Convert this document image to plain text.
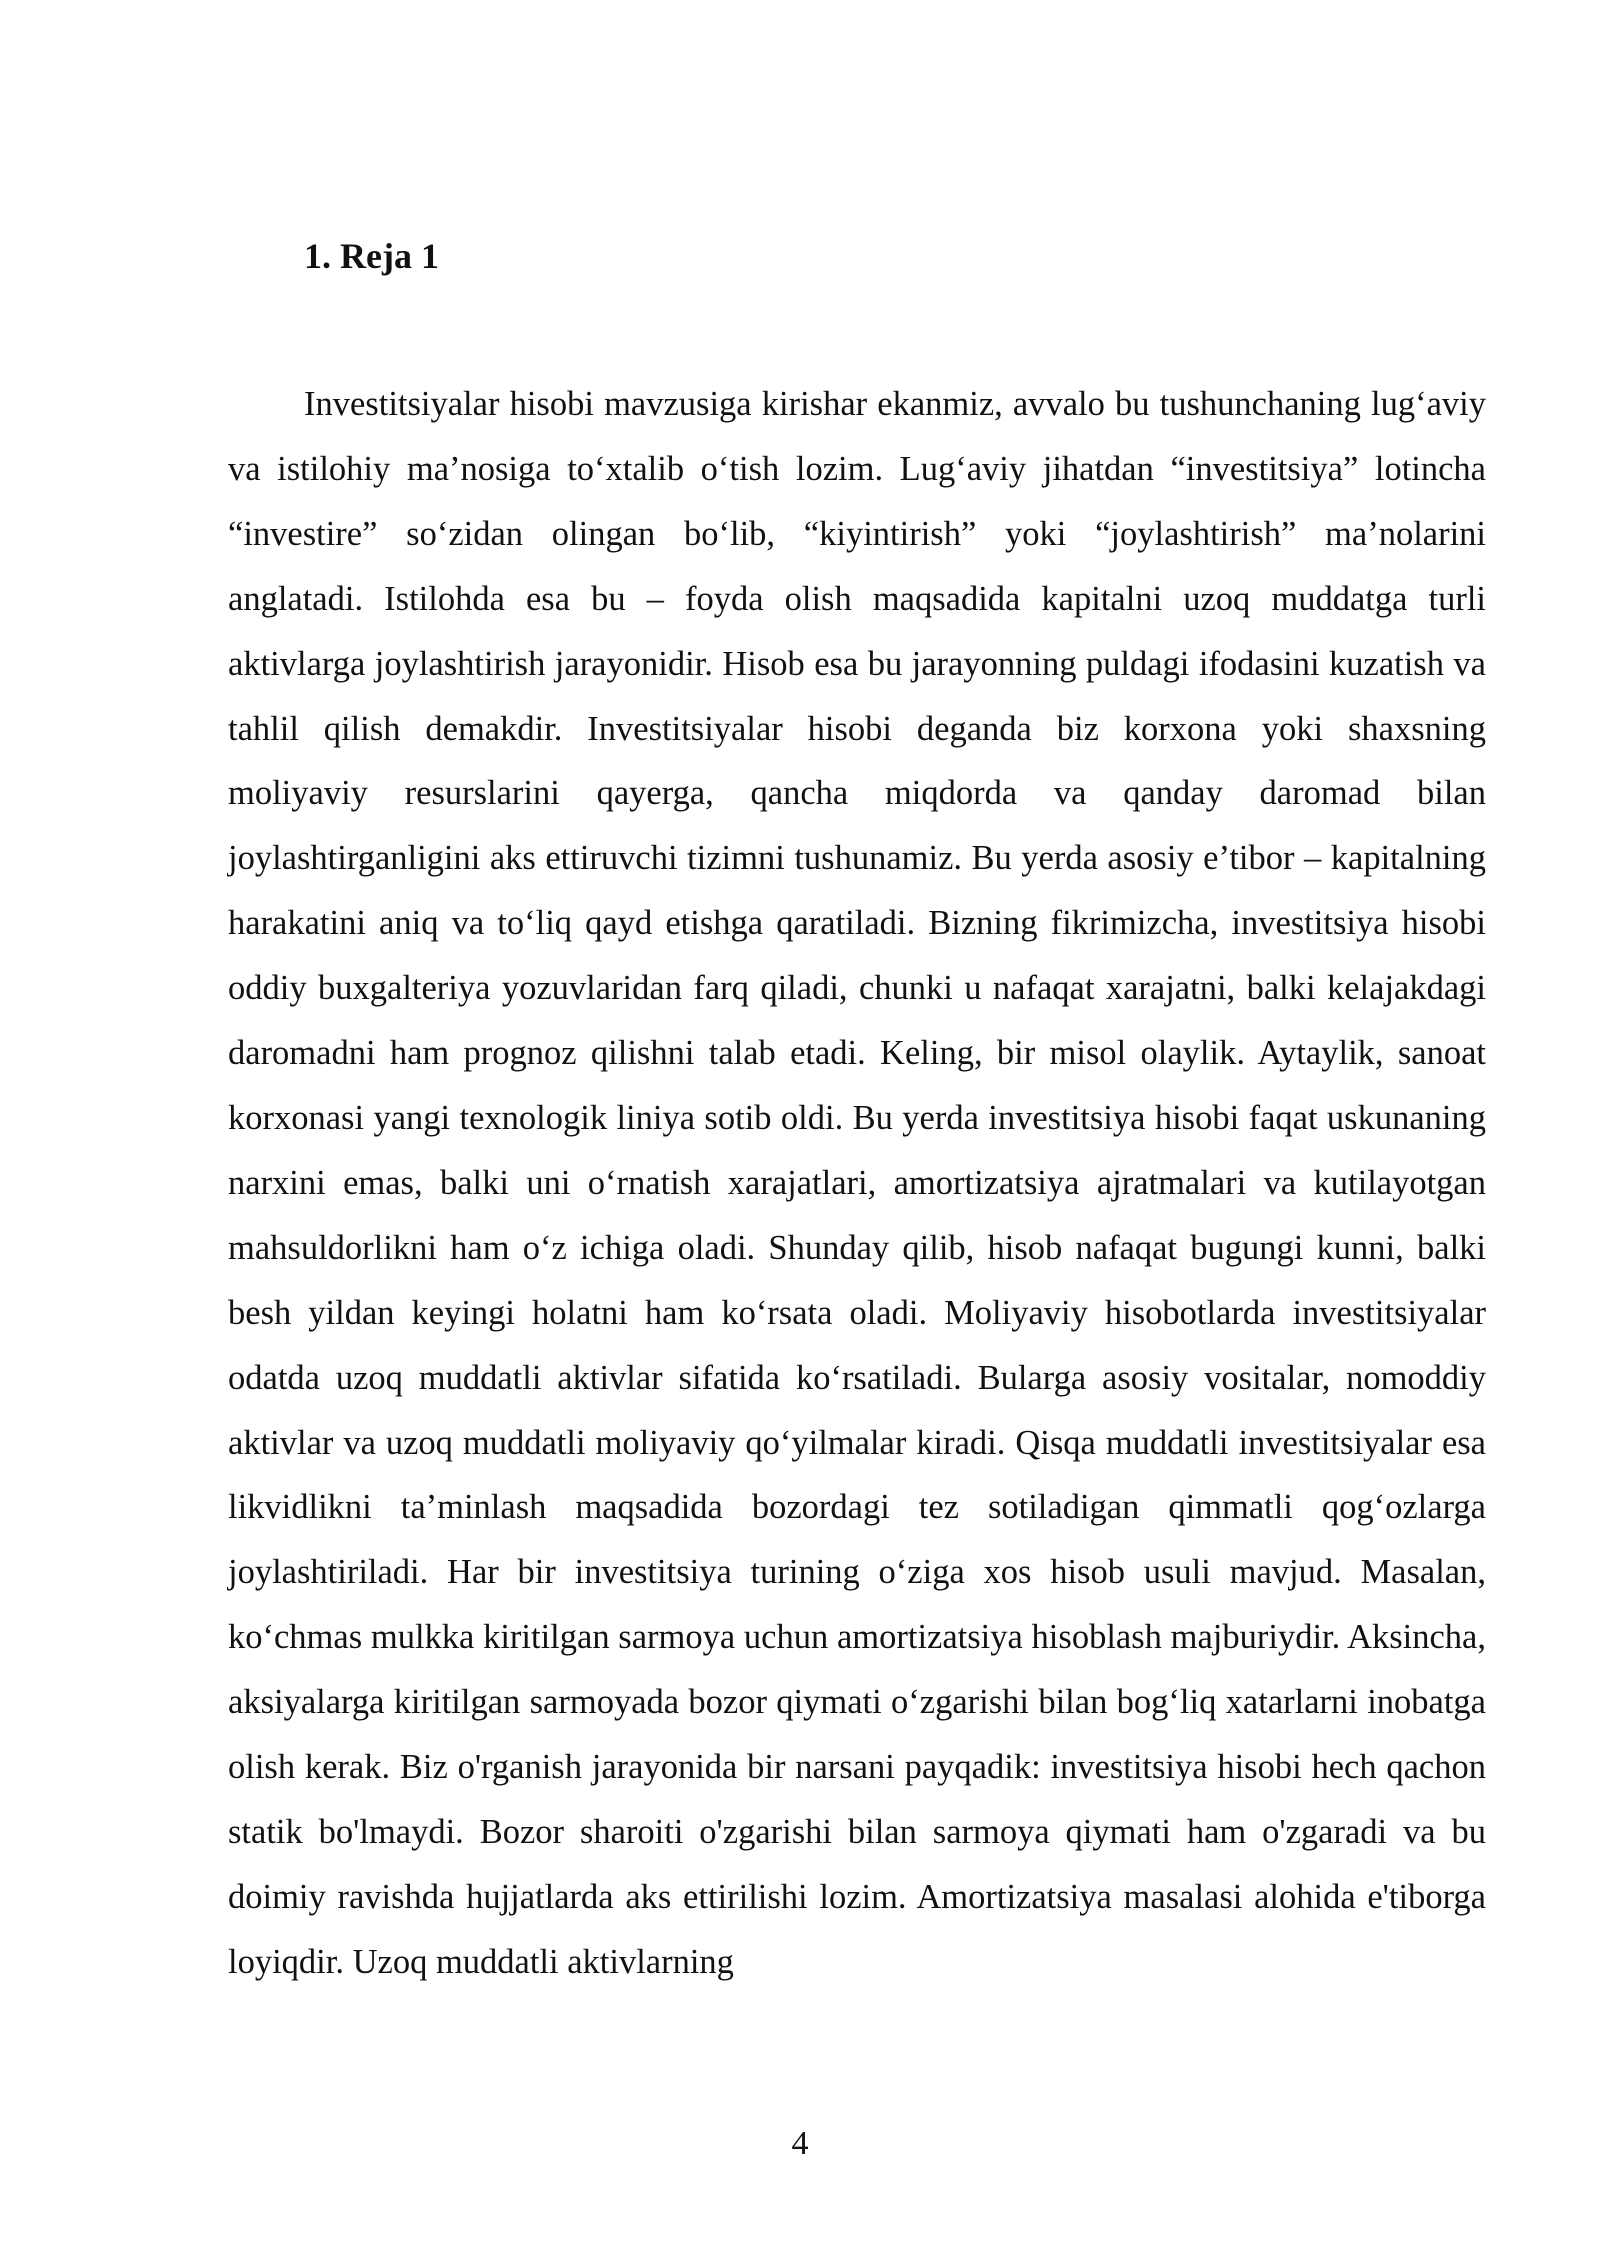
1. Reja 1

Investitsiyalar hisobi mavzusiga kirishar ekanmiz, avvalo bu tushunchaning lug‘aviy va istilohiy ma’nosiga to‘xtalib o‘tish lozim. Lug‘aviy jihatdan “investitsiya” lotincha “investire” so‘zidan olingan bo‘lib, “kiyintirish” yoki “joylashtirish” ma’nolarini anglatadi. Istilohda esa bu – foyda olish maqsadida kapitalni uzoq muddatga turli aktivlarga joylashtirish jarayonidir. Hisob esa bu jarayonning puldagi ifodasini kuzatish va tahlil qilish demakdir. Investitsiyalar hisobi deganda biz korxona yoki shaxsning moliyaviy resurslarini qayerga, qancha miqdorda va qanday daromad bilan joylashtirganligini aks ettiruvchi tizimni tushunamiz. Bu yerda asosiy e’tibor – kapitalning harakatini aniq va to‘liq qayd etishga qaratiladi. Bizning fikrimizcha, investitsiya hisobi oddiy buxgalteriya yozuvlaridan farq qiladi, chunki u nafaqat xarajatni, balki kelajakdagi daromadni ham prognoz qilishni talab etadi. Keling, bir misol olaylik. Aytaylik, sanoat korxonasi yangi texnologik liniya sotib oldi. Bu yerda investitsiya hisobi faqat uskunaning narxini emas, balki uni o‘rnatish xarajatlari, amortizatsiya ajratmalari va kutilayotgan mahsuldorlikni ham o‘z ichiga oladi. Shunday qilib, hisob nafaqat bugungi kunni, balki besh yildan keyingi holatni ham ko‘rsata oladi. Moliyaviy hisobotlarda investitsiyalar odatda uzoq muddatli aktivlar sifatida ko‘rsatiladi. Bularga asosiy vositalar, nomoddiy aktivlar va uzoq muddatli moliyaviy qo‘yilmalar kiradi. Qisqa muddatli investitsiyalar esa likvidlikni ta’minlash maqsadida bozordagi tez sotiladigan qimmatli qog‘ozlarga joylashtiriladi. Har bir investitsiya turining o‘ziga xos hisob usuli mavjud. Masalan, ko‘chmas mulkka kiritilgan sarmoya uchun amortizatsiya hisoblash majburiydir. Aksincha, aksiyalarga kiritilgan sarmoyada bozor qiymati o‘zgarishi bilan bog‘liq xatarlarni inobatga olish kerak. Biz o'rganish jarayonida bir narsani payqadik: investitsiya hisobi hech qachon statik bo'lmaydi. Bozor sharoiti o'zgarishi bilan sarmoya qiymati ham o'zgaradi va bu doimiy ravishda hujjatlarda aks ettirilishi lozim. Amortizatsiya masalasi alohida e'tiborga loyiqdir. Uzoq muddatli aktivlarning

4
